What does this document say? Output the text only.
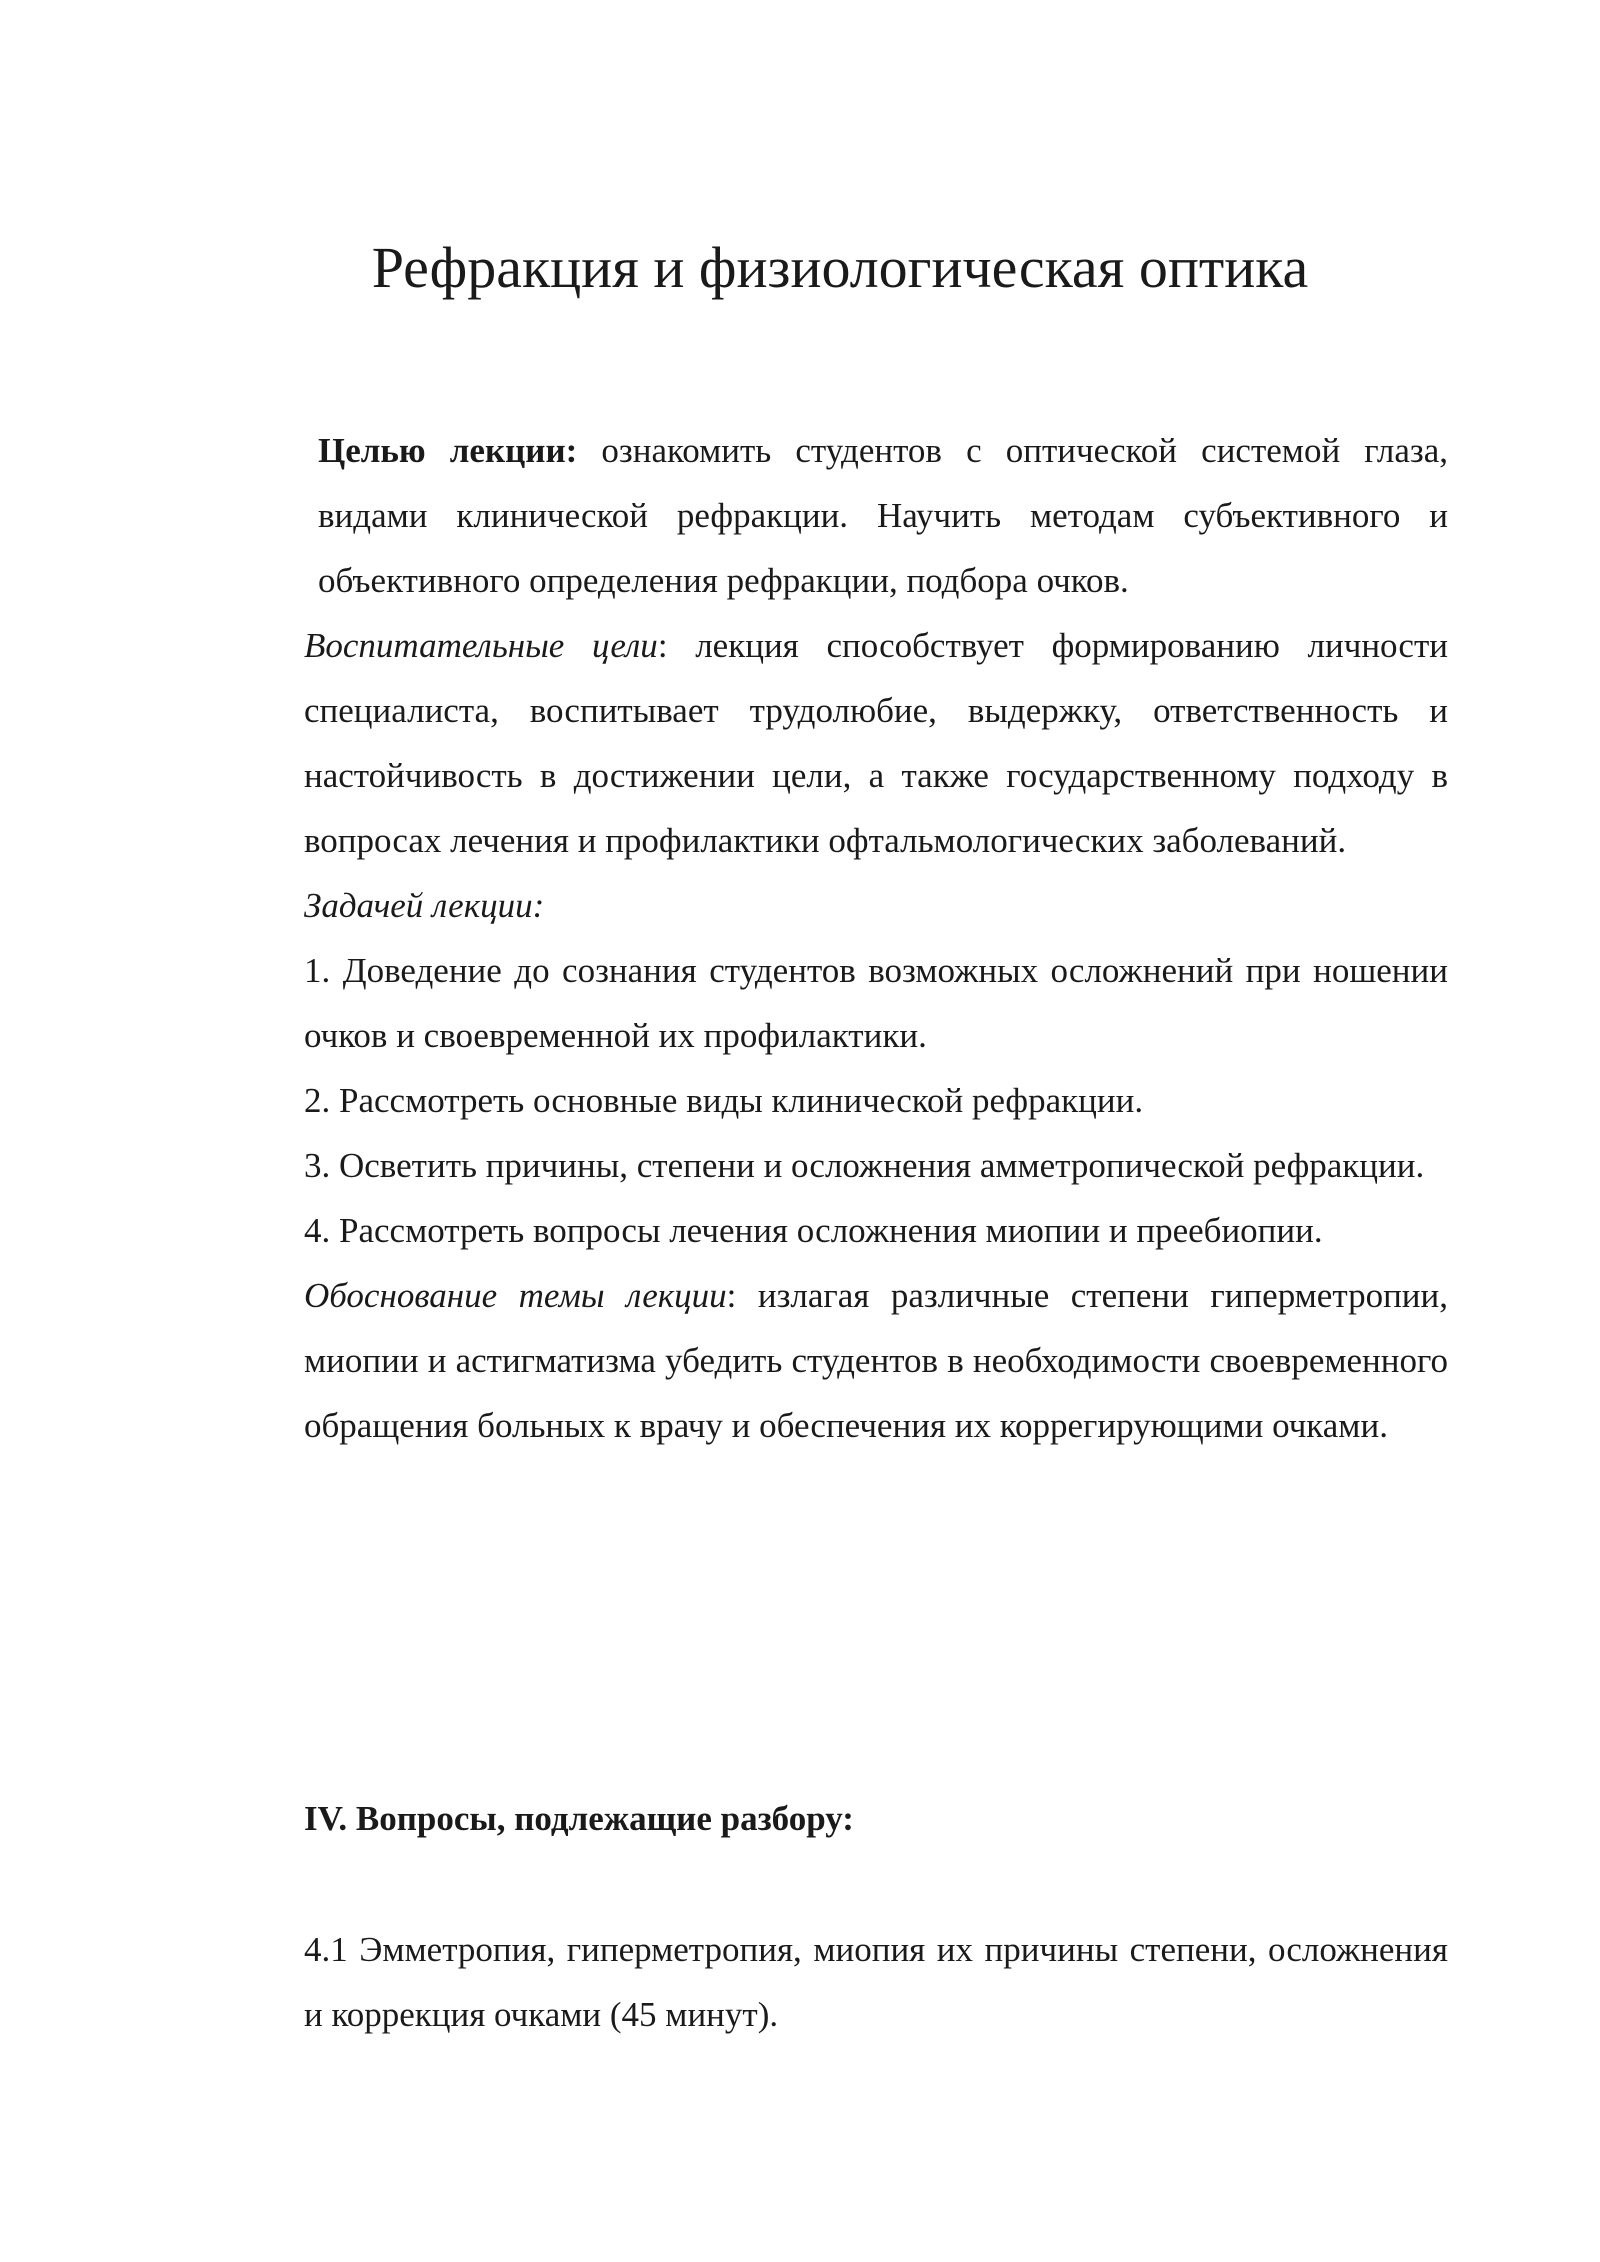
Рефракция и физиологическая оптика

Целью лекции: ознакомить студентов с оптической системой глаза, видами клинической рефракции. Научить методам субъективного и объективного определения рефракции, подбора очков.

Воспитательные цели: лекция способствует формированию личности специалиста, воспитывает трудолюбие, выдержку, ответственность и настойчивость в достижении цели, а также государственному подходу в вопросах лечения и профилактики офтальмологических заболеваний.

Задачей лекции:

1. Доведение до сознания студентов возможных осложнений при ношении очков и своевременной их профилактики.

2. Рассмотреть основные виды клинической рефракции.

3. Осветить причины, степени и осложнения амметропической рефракции.

4. Рассмотреть вопросы лечения осложнения миопии и преебиопии.

Обоснование темы лекции: излагая различные степени гиперметропии, миопии и астигматизма убедить студентов в необходимости своевременного обращения больных к врачу и обеспечения их коррегирующими очками.

IV. Вопросы, подлежащие разбору:

4.1 Эмметропия, гиперметропия, миопия их причины степени, осложнения и коррекция очками (45 минут).
